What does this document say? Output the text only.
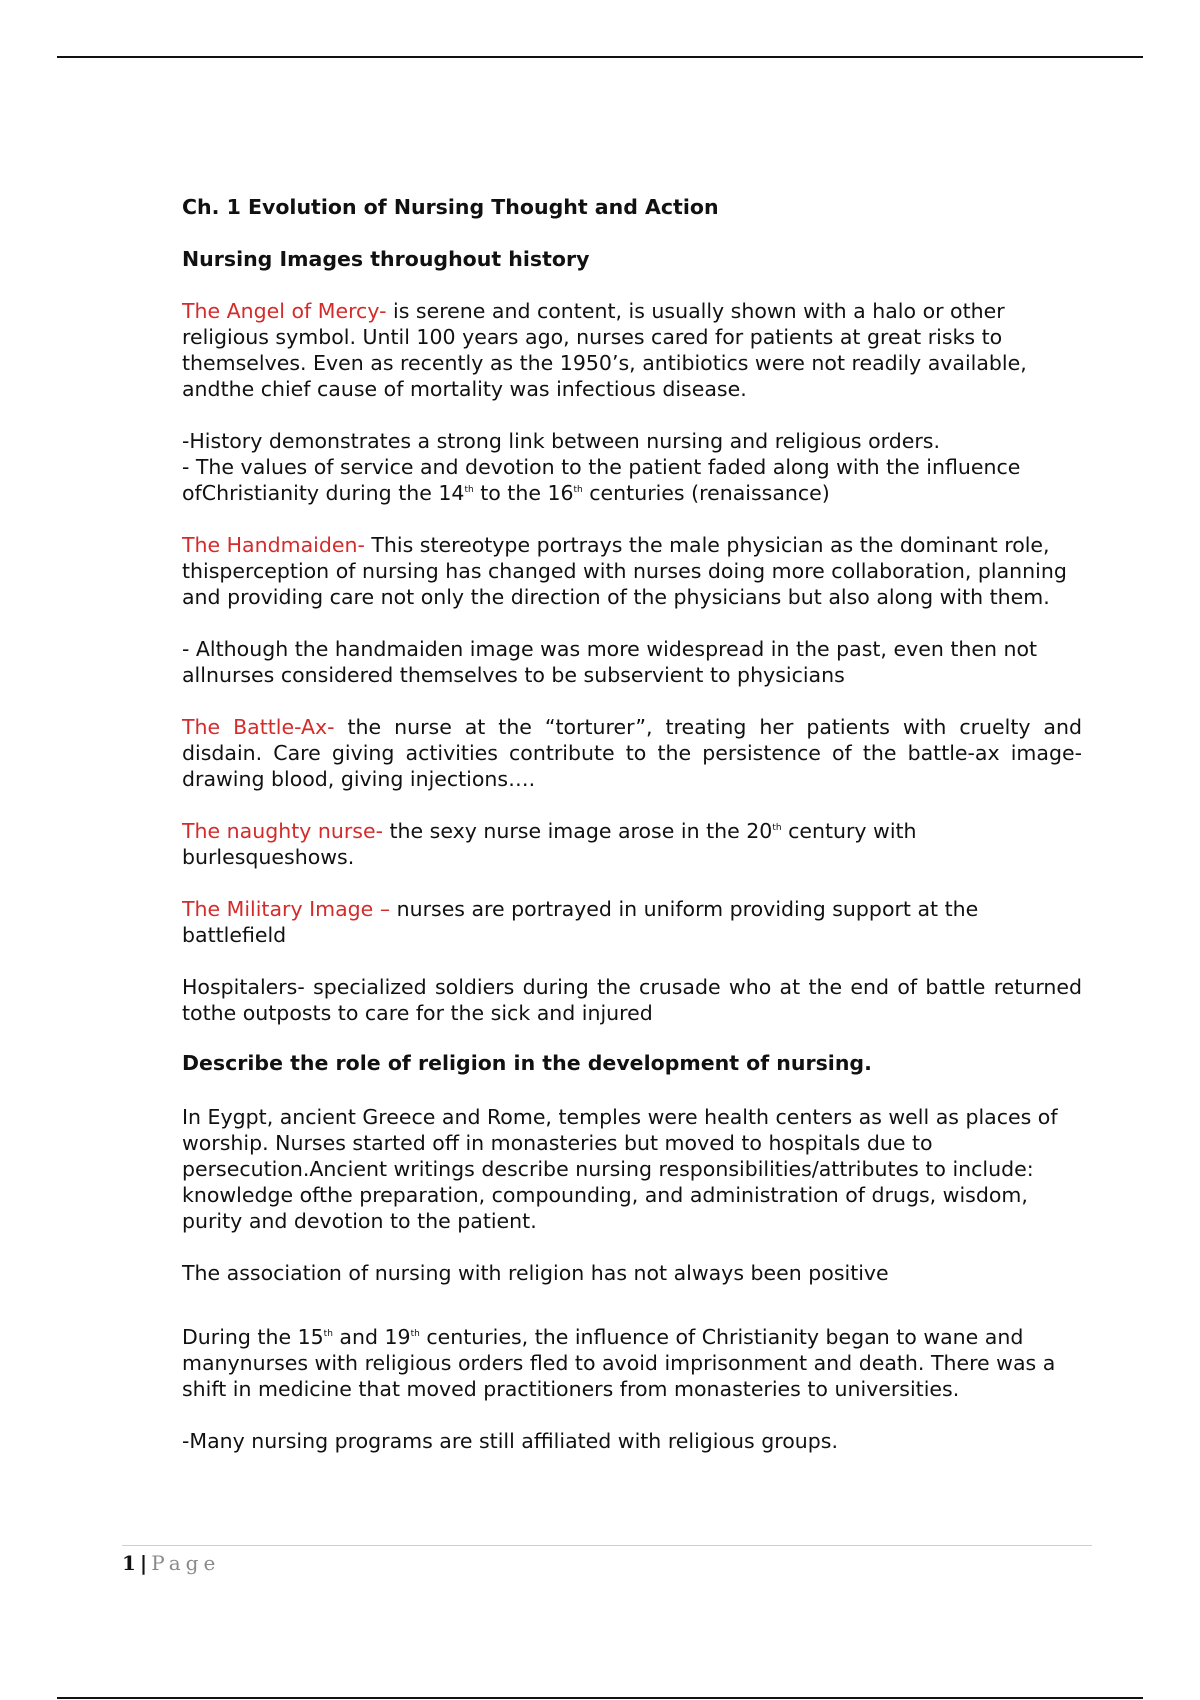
Ch. 1 Evolution of Nursing Thought and Action

Nursing Images throughout history

The Angel of Mercy- is serene and content, is usually shown with a halo or other religious symbol. Until 100 years ago, nurses cared for patients at great risks to themselves. Even as recently as the 1950’s, antibiotics were not readily available, andthe chief cause of mortality was infectious disease.

-History demonstrates a strong link between nursing and religious orders.

- The values of service and devotion to the patient faded along with the influence ofChristianity during the 14th to the 16th centuries (renaissance)

The Handmaiden- This stereotype portrays the male physician as the dominant role, thisperception of nursing has changed with nurses doing more collaboration, planning and providing care not only the direction of the physicians but also along with them.

- Although the handmaiden image was more widespread in the past, even then not allnurses considered themselves to be subservient to physicians

The Battle-Ax- the nurse at the “torturer”, treating her patients with cruelty and disdain. Care giving activities contribute to the persistence of the battle-ax image- drawing blood, giving injections….

The naughty nurse- the sexy nurse image arose in the 20th century with burlesqueshows.

The Military Image – nurses are portrayed in uniform providing support at the battlefield

Hospitalers- specialized soldiers during the crusade who at the end of battle returned tothe outposts to care for the sick and injured

Describe the role of religion in the development of nursing.

In Eygpt, ancient Greece and Rome, temples were health centers as well as places of worship. Nurses started off in monasteries but moved to hospitals due to persecution.Ancient writings describe nursing responsibilities/attributes to include: knowledge ofthe preparation, compounding, and administration of drugs, wisdom, purity and devotion to the patient.

The association of nursing with religion has not always been positive

During the 15th and 19th centuries, the influence of Christianity began to wane and manynurses with religious orders fled to avoid imprisonment and death. There was a shift in medicine that moved practitioners from monasteries to universities.

-Many nursing programs are still affiliated with religious groups.

1 | Page
